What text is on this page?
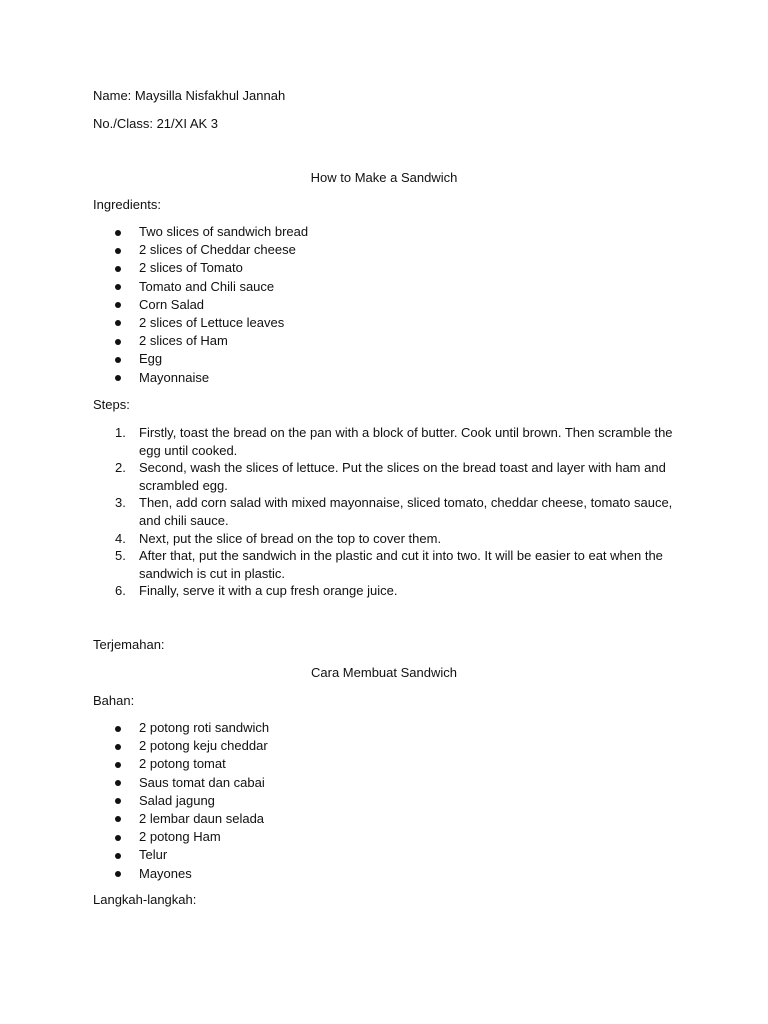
Name: Maysilla Nisfakhul Jannah
No./Class: 21/XI AK 3
How to Make a Sandwich
Ingredients:
Two slices of sandwich bread
2 slices of Cheddar cheese
2 slices of Tomato
Tomato and Chili sauce
Corn Salad
2 slices of Lettuce leaves
2 slices of Ham
Egg
Mayonnaise
Steps:
1. Firstly, toast the bread on the pan with a block of butter. Cook until brown. Then scramble the egg until cooked.
2. Second, wash the slices of lettuce. Put the slices on the bread toast and layer with ham and scrambled egg.
3. Then, add corn salad with mixed mayonnaise, sliced tomato, cheddar cheese, tomato sauce, and chili sauce.
4. Next, put the slice of bread on the top to cover them.
5. After that, put the sandwich in the plastic and cut it into two. It will be easier to eat when the sandwich is cut in plastic.
6. Finally, serve it with a cup fresh orange juice.
Terjemahan:
Cara Membuat Sandwich
Bahan:
2 potong roti sandwich
2 potong keju cheddar
2 potong tomat
Saus tomat dan cabai
Salad jagung
2 lembar daun selada
2 potong Ham
Telur
Mayones
Langkah-langkah:
